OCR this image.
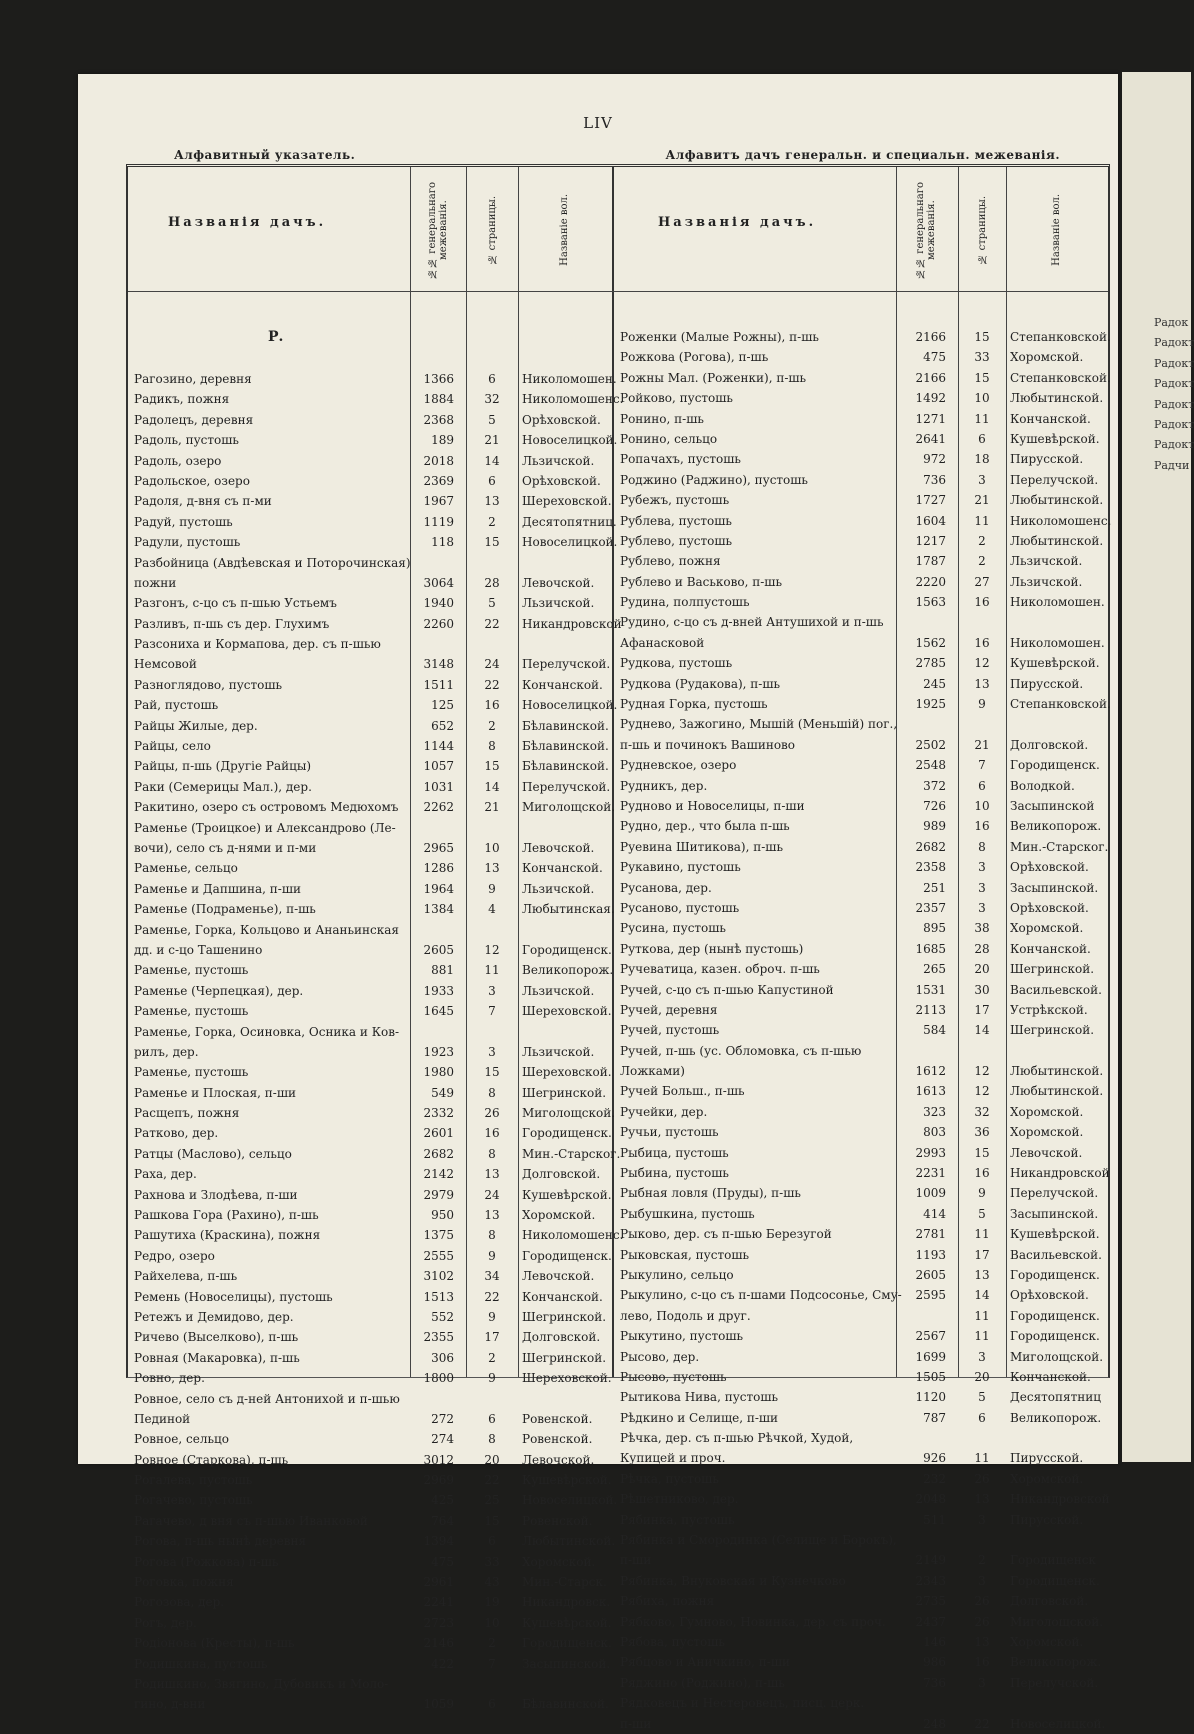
Радок
Радокт
Радокт
Радокт
Радокт
Радокт
Радокт
Радчи
LIV
Алфавитный указатель.	Алфавитъ дачъ генеральн. и специальн. межеванія.
Названія дачъ.
№№ генеральнаго
межеванія.	№ страницы.	Названіе вол.	Названія дачъ.
№№ генеральнаго
межеванія.	№ страницы.	Названіе вол.
Р.
Рагозино, деревня	1366	6	Николомошен.
Радикъ, пожня	1884	32	Николомошенс.
Радолецъ, деревня	2368	5	Орѣховской.
Радоль, пустошь	189	21	Новоселицкой.
Радоль, озеро	2018	14	Льзичской.
Радольское, озеро	2369	6	Орѣховской.
Радоля, д-вня съ п-ми	1967	13	Шереховской.
Радуй, пустошь	1119	2	Десятопятниц.
Радули, пустошь	118	15	Новоселицкой.
Разбойница (Авдѣевская и Поторочинская)
пожни	3064	28	Левочской.
Разгонъ, с-цо съ п-шью Устьемъ	1940	5	Льзичской.
Разливъ, п-шь съ дер. Глухимъ	2260	22	Никандровской
Разсониха и Кормапова, дер. съ п-шью
Немсовой	3148	24	Перелучской.
Разноглядово, пустошь	1511	22	Кончанской.
Рай, пустошь	125	16	Новоселицкой.
Райцы Жилые, дер.	652	2	Бѣлавинской.
Райцы, село	1144	8	Бѣлавинской.
Райцы, п-шь (Другіе Райцы)	1057	15	Бѣлавинской.
Раки (Семерицы Мал.), дер.	1031	14	Перелучской.
Ракитино, озеро съ островомъ Медюхомъ	2262	21	Миголощской.
Раменье (Троицкое) и Александрово (Ле-
вочи), село съ д-нями и п-ми	2965	10	Левочской.
Раменье, сельцо	1286	13	Кончанской.
Раменье и Дапшина, п-ши	1964	9	Льзичской.
Раменье (Подраменье), п-шь	1384	4	Любытинская.
Раменье, Горка, Кольцово и Ананьинская
дд. и с-цо Ташенино	2605	12	Городищенск.
Раменье, пустошь	881	11	Великопорож.
Раменье (Черпецкая), дер.	1933	3	Льзичской.
Раменье, пустошь	1645	7	Шереховской.
Раменье, Горка, Осиновка, Осника и Ков-
рилъ, дер.	1923	3	Льзичской.
Раменье, пустошь	1980	15	Шереховской.
Раменье и Плоская, п-ши	549	8	Шегринской.
Расщепъ, пожня	2332	26	Миголощской.
Ратково, дер.	2601	16	Городищенск.
Ратцы (Маслово), сельцо	2682	8	Мин.-Старског.
Раха, дер.	2142	13	Долговской.
Рахнова и Злодѣева, п-ши	2979	24	Кушевѣрской.
Рашкова Гора (Рахино), п-шь	950	13	Хоромской.
Рашутиха (Краскина), пожня	1375	8	Николомошенс.
Редро, озеро	2555	9	Городищенск.
Райхелева, п-шь	3102	34	Левочской.
Ремень (Новоселицы), пустошь	1513	22	Кончанской.
Ретежъ и Демидово, дер.	552	9	Шегринской.
Ричево (Выселково), п-шь	2355	17	Долговской.
Ровная (Макаровка), п-шь	306	2	Шегринской.
Ровно, дер.	1800	9	Шереховской.
Ровное, село съ д-ней Антонихой и п-шью
Пединой	272	6	Ровенской.
Ровное, сельцо	274	8	Ровенской.
Ровное (Старкова), п-шь	3012	20	Левочской.
Рогалева, пустошь	2969	22	Кушевѣрской.
Рогачево, пустошь	425	25	Новоселицкой.
Рагачево, д вня съ п-шью Иванковой	764	15	Ровенской.
Рогова, п-шь нынѣ деревня	1394	6	Любытинской.
Рогова (Рожкова) п-шь	475	33	Хоромской.
Роговка, пожня	2961	43	Мин.-Старск.
Рогозова, дер.	2241	19	Никандровск.
Рогъ, дер.	2723	10	Кушевѣрской.
Родіонова (Кресты), п-шь	2146	2	Городищенск.
Родишкина, пустошь	422	7	Засыпинской.
Родишкино, Звягино, Дубовикъ и Моло-
гино, д-вни	1059	6	Бѣлавинской.
Роженки (Малые Рожны), п-шь	2166	15	Степанковской.
Рожкова (Рогова), п-шь	475	33	Хоромской.
Рожны Мал. (Роженки), п-шь	2166	15	Степанковской.
Ройково, пустошь	1492	10	Любытинской.
Ронино, п-шь	1271	11	Кончанской.
Ронино, сельцо	2641	6	Кушевѣрской.
Ропачахъ, пустошь	972	18	Пирусской.
Роджино (Раджино), пустошь	736	3	Перелучской.
Рубежъ, пустошь	1727	21	Любытинской.
Рублева, пустошь	1604	11	Николомошенс.
Рублево, пустошь	1217	2	Любытинской.
Рублево, пожня	1787	2	Льзичской.
Рублево и Васьково, п-шь	2220	27	Льзичской.
Рудина, полпустошь	1563	16	Николомошен.
Рудино, с-цо съ д-вней Антушихой и п-шь
Афанасковой	1562	16	Николомошен.
Рудкова, пустошь	2785	12	Кушевѣрской.
Рудкова (Рудакова), п-шь	245	13	Пирусской.
Рудная Горка, пустошь	1925	9	Степанковской.
Руднево, Зажогино, Мышій (Меньшій) пог.,
п-шь и починокъ Вашиново	2502	21	Долговской.
Рудневское, озеро	2548	7	Городищенск.
Рудникъ, дер.	372	6	Володкой.
Рудново и Новоселицы, п-ши	726	10	Засыпинской
Рудно, дер., что была п-шь	989	16	Великопорож.
Руевина Шитикова), п-шь	2682	8	Мин.-Старског.
Рукавино, пустошь	2358	3	Орѣховской.
Русанова, дер.	251	3	Засыпинской.
Русаново, пустошь	2357	3	Орѣховской.
Русина, пустошь	895	38	Хоромской.
Руткова, дер (нынѣ пустошь)	1685	28	Кончанской.
Ручеватица, казен. оброч. п-шь	265	20	Шегринской.
Ручей, с-цо съ п-шью Капустиной	1531	30	Васильевской.
Ручей, деревня	2113	17	Устрѣкской.
Ручей, пустошь	584	14	Шегринской.
Ручей, п-шь (ус. Обломовка, съ п-шью
Ложками)	1612	12	Любытинской.
Ручей Больш., п-шь	1613	12	Любытинской.
Ручейки, дер.	323	32	Хоромской.
Ручьи, пустошь	803	36	Хоромской.
Рыбица, пустошь	2993	15	Левочской.
Рыбина, пустошь	2231	16	Никандровской
Рыбная ловля (Пруды), п-шь	1009	9	Перелучской.
Рыбушкина, пустошь	414	5	Засыпинской.
Рыково, дер. съ п-шью Березугой	2781	11	Кушевѣрской.
Рыковская, пустошь	1193	17	Васильевской.
Рыкулино, сельцо	2605	13	Городищенск.
Рыкулино, с-цо съ п-шами Подсосонье, Сму-	2595	14	Орѣховской.
лево, Подоль и друг.	11	Городищенск.
Рыкутино, пустошь	2567	11	Городищенск.
Рысово, дер.	1699	3	Миголощской.
Рысово, пустошь	1505	20	Кончанской.
Рытикова Нива, пустошь	1120	5	Десятопятниц
Рѣдкино и Селище, п-ши	787	6	Великопорож.
Рѣчка, дер. съ п-шью Рѣчкой, Худой,
Купицей и проч.	926	11	Пирусской.
Рѣчка, пустошь	232	26	Хоромской.
Рѣшетниково, дер.	2048	13	Никандровской
Рябинка, пустошь	511	3	Пирусской.
Рябинка и Смородинка (Селище и Борокъ),
п-ши	2149	2	Городищенск
Рябинка, Внуковская и Кузнечково	2343	3	Городищенск.
Рябиха, пожня	2735	26	Долговской.
Рябково, Гумново, Новинка, дер. съ проч.	2437	26	Миголощской.
Рябова, пустошь	146	13	Хоромской.
Рябцово и Аничкино, п-ши	986	16	Великопорож.
Ряджино (Роджино), п-шь	736	3	Перелучской.
Рядковецъ и Нестеровецъ, писц. церк.
п-ши	248	22	Новоселицкой.
